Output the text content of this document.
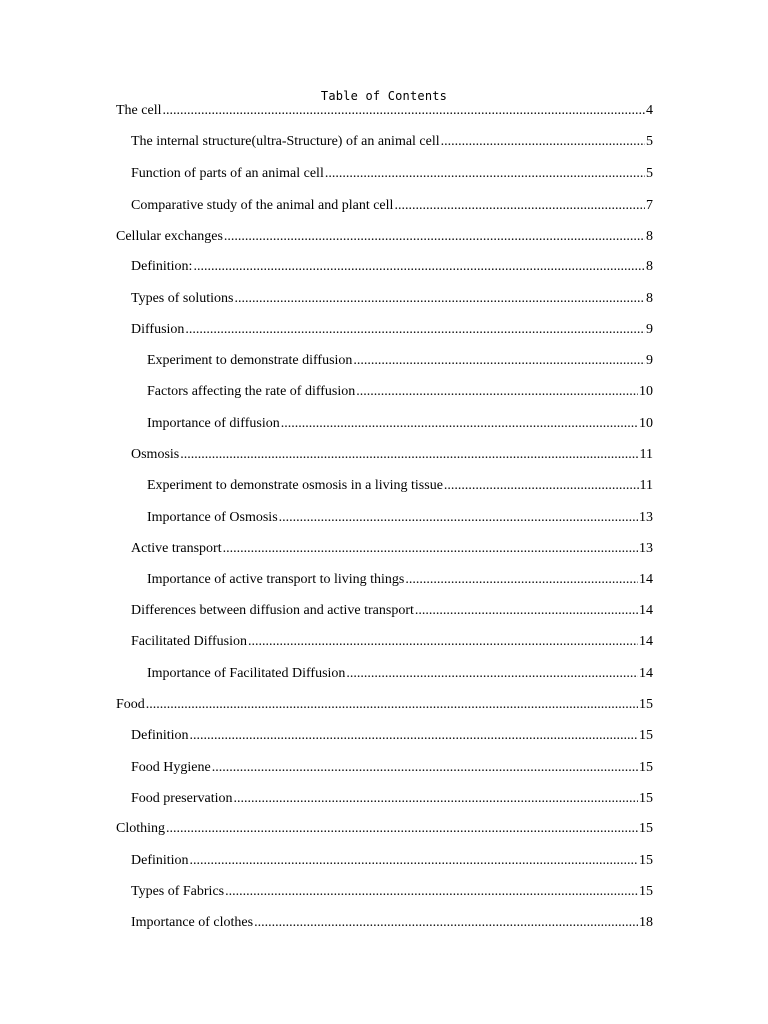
Table of Contents
The cell .....	4
The internal structure(ultra-Structure) of an animal cell .....	5
Function of parts of an animal cell .....	5
Comparative study of the animal and plant cell .....	7
Cellular exchanges .....	8
Definition: .....	8
Types of solutions .....	8
Diffusion .....	9
Experiment to demonstrate diffusion .....	9
Factors affecting the rate of diffusion .....	10
Importance of diffusion .....	10
Osmosis .....	11
Experiment to demonstrate osmosis in a living tissue .....	11
Importance of Osmosis .....	13
Active transport .....	13
Importance of active transport to living things .....	14
Differences between diffusion and active transport .....	14
Facilitated Diffusion .....	14
Importance of Facilitated Diffusion .....	14
Food .....	15
Definition .....	15
Food Hygiene .....	15
Food preservation .....	15
Clothing .....	15
Definition .....	15
Types of Fabrics .....	15
Importance of clothes .....	18
